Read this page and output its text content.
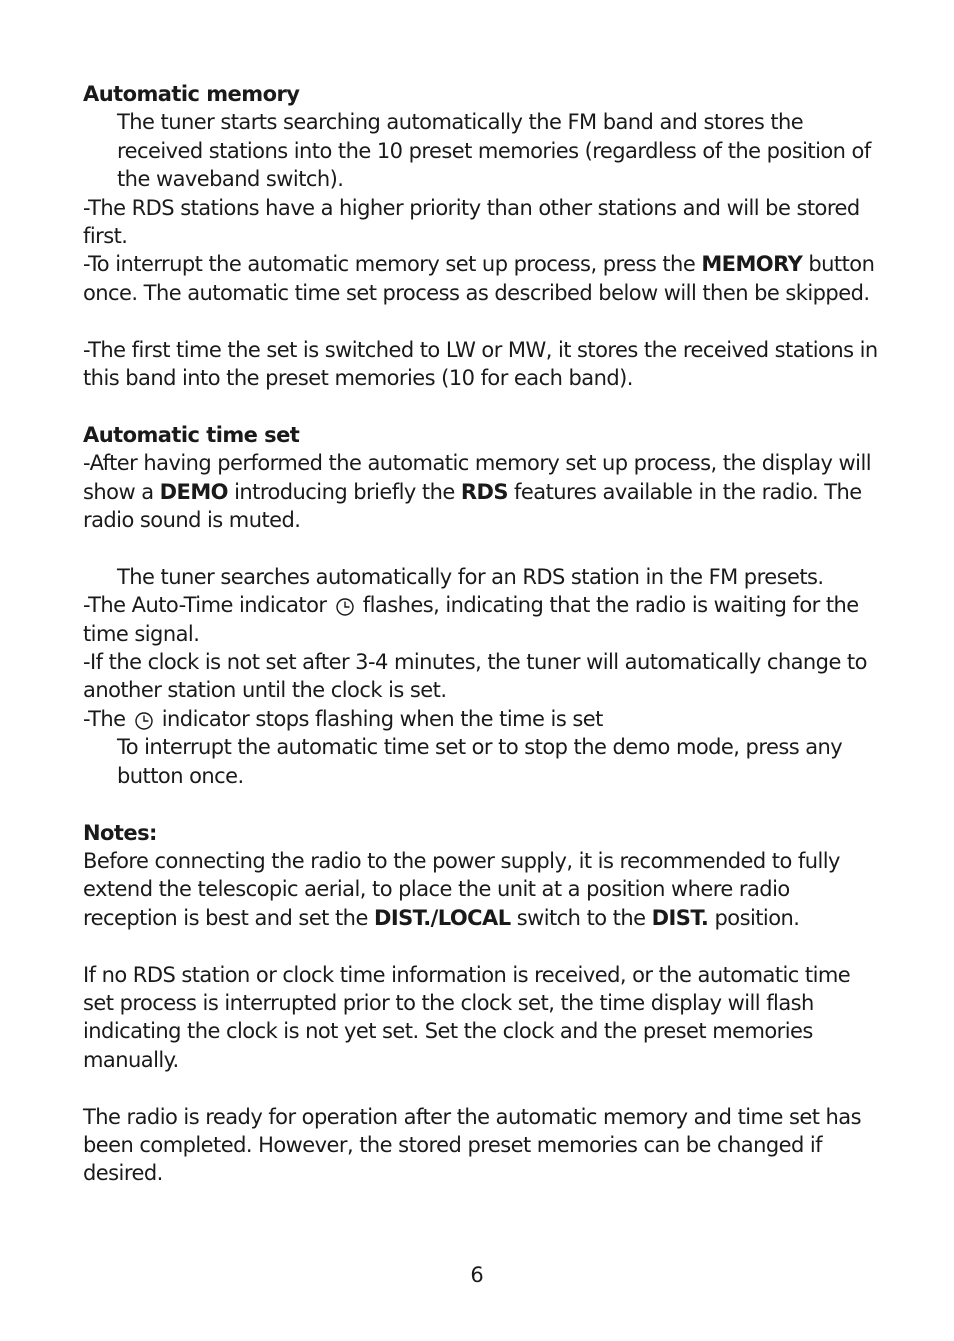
Automatic memory

The tuner starts searching automatically the FM band and stores the received stations into the 10 preset memories (regardless of the position of the waveband switch).

-The RDS stations have a higher priority than other stations and will be stored first.

-To interrupt the automatic memory set up process, press the MEMORY button once. The automatic time set process as described below will then be skipped.

-The first time the set is switched to LW or MW, it stores the received stations in this band into the preset memories (10 for each band).

Automatic time set

-After having performed the automatic memory set up process, the display will show a DEMO introducing briefly the RDS features available in the radio. The radio sound is muted.

The tuner searches automatically for an RDS station in the FM presets.

-The Auto-Time indicator  flashes, indicating that the radio is waiting for the time signal.

-If the clock is not set after 3-4 minutes, the tuner will automatically change to another station until the clock is set.

-The  indicator stops flashing when the time is set

To interrupt the automatic time set or to stop the demo mode, press any button once.

Notes:

Before connecting the radio to the power supply, it is recommended to fully extend the telescopic aerial, to place the unit at a position where radio reception is best and set the DIST./LOCAL switch to the DIST. position.

If no RDS station or clock time information is received, or the automatic time set process is interrupted prior to the clock set, the time display will flash indicating the clock is not yet set. Set the clock and the preset memories manually.

The radio is ready for operation after the automatic memory and time set has been completed. However, the stored preset memories can be changed if desired.

6
